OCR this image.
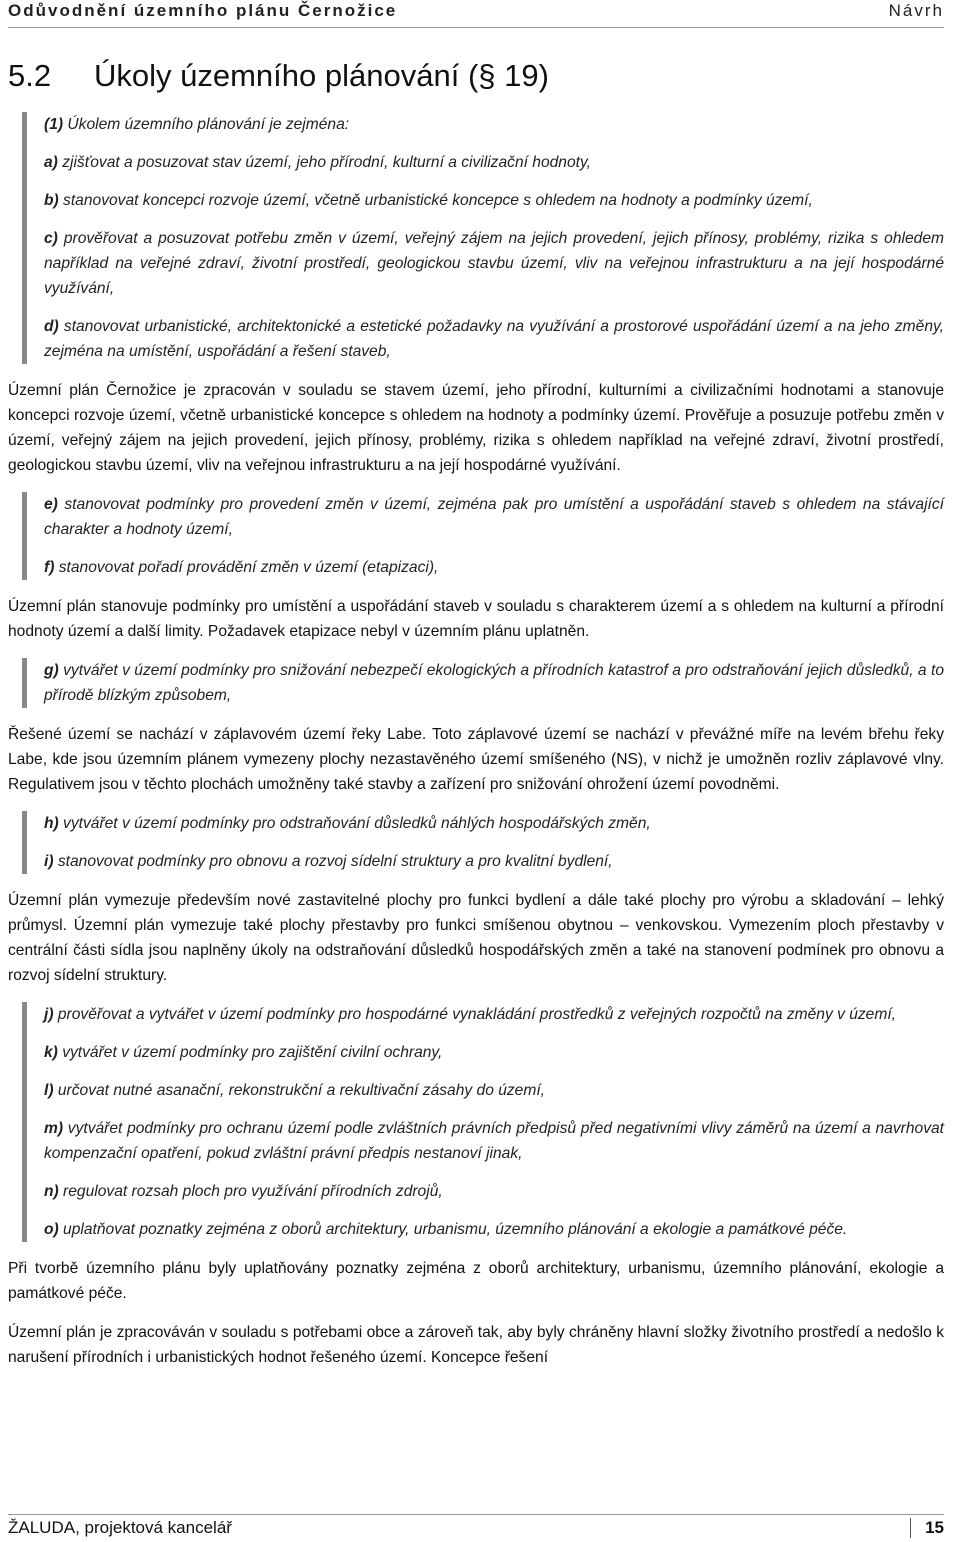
Odůvodnění územního plánu Černožice	Návrh
5.2 Úkoly územního plánování (§ 19)

(1) Úkolem územního plánování je zejména:

a) zjišťovat a posuzovat stav území, jeho přírodní, kulturní a civilizační hodnoty,

b) stanovovat koncepci rozvoje území, včetně urbanistické koncepce s ohledem na hodnoty a podmínky území,

c) prověřovat a posuzovat potřebu změn v území, veřejný zájem na jejich provedení, jejich přínosy, problémy, rizika s ohledem například na veřejné zdraví, životní prostředí, geologickou stavbu území, vliv na veřejnou infrastrukturu a na její hospodárné využívání,

d) stanovovat urbanistické, architektonické a estetické požadavky na využívání a prostorové uspořádání území a na jeho změny, zejména na umístění, uspořádání a řešení staveb,

Územní plán Černožice je zpracován v souladu se stavem území, jeho přírodní, kulturními a civilizačními hodnotami a stanovuje koncepci rozvoje území, včetně urbanistické koncepce s ohledem na hodnoty a podmínky území. Prověřuje a posuzuje potřebu změn v území, veřejný zájem na jejich provedení, jejich přínosy, problémy, rizika s ohledem například na veřejné zdraví, životní prostředí, geologickou stavbu území, vliv na veřejnou infrastrukturu a na její hospodárné využívání.

e) stanovovat podmínky pro provedení změn v území, zejména pak pro umístění a uspořádání staveb s ohledem na stávající charakter a hodnoty území,

f) stanovovat pořadí provádění změn v území (etapizaci),

Územní plán stanovuje podmínky pro umístění a uspořádání staveb v souladu s charakterem území a s ohledem na kulturní a přírodní hodnoty území a další limity. Požadavek etapizace nebyl v územním plánu uplatněn.

g) vytvářet v území podmínky pro snižování nebezpečí ekologických a přírodních katastrof a pro odstraňování jejich důsledků, a to přírodě blízkým způsobem,

Řešené území se nachází v záplavovém území řeky Labe. Toto záplavové území se nachází v převážné míře na levém břehu řeky Labe, kde jsou územním plánem vymezeny plochy nezastavěného území smíšeného (NS), v nichž je umožněn rozliv záplavové vlny. Regulativem jsou v těchto plochách umožněny také stavby a zařízení pro snižování ohrožení území povodněmi.

h) vytvářet v území podmínky pro odstraňování důsledků náhlých hospodářských změn,

i) stanovovat podmínky pro obnovu a rozvoj sídelní struktury a pro kvalitní bydlení,

Územní plán vymezuje především nové zastavitelné plochy pro funkci bydlení a dále také plochy pro výrobu a skladování – lehký průmysl. Územní plán vymezuje také plochy přestavby pro funkci smíšenou obytnou – venkovskou. Vymezením ploch přestavby v centrální části sídla jsou naplněny úkoly na odstraňování důsledků hospodářských změn a také na stanovení podmínek pro obnovu a rozvoj sídelní struktury.

j) prověřovat a vytvářet v území podmínky pro hospodárné vynakládání prostředků z veřejných rozpočtů na změny v území,

k) vytvářet v území podmínky pro zajištění civilní ochrany,

l) určovat nutné asanační, rekonstrukční a rekultivační zásahy do území,

m) vytvářet podmínky pro ochranu území podle zvláštních právních předpisů před negativními vlivy záměrů na území a navrhovat kompenzační opatření, pokud zvláštní právní předpis nestanoví jinak,

n) regulovat rozsah ploch pro využívání přírodních zdrojů,

o) uplatňovat poznatky zejména z oborů architektury, urbanismu, územního plánování a ekologie a památkové péče.

Při tvorbě územního plánu byly uplatňovány poznatky zejména z oborů architektury, urbanismu, územního plánování, ekologie a památkové péče.

Územní plán je zpracováván v souladu s potřebami obce a zároveň tak, aby byly chráněny hlavní složky životního prostředí a nedošlo k narušení přírodních i urbanistických hodnot řešeného území. Koncepce řešení

ŽALUDA, projektová kancelář	15
